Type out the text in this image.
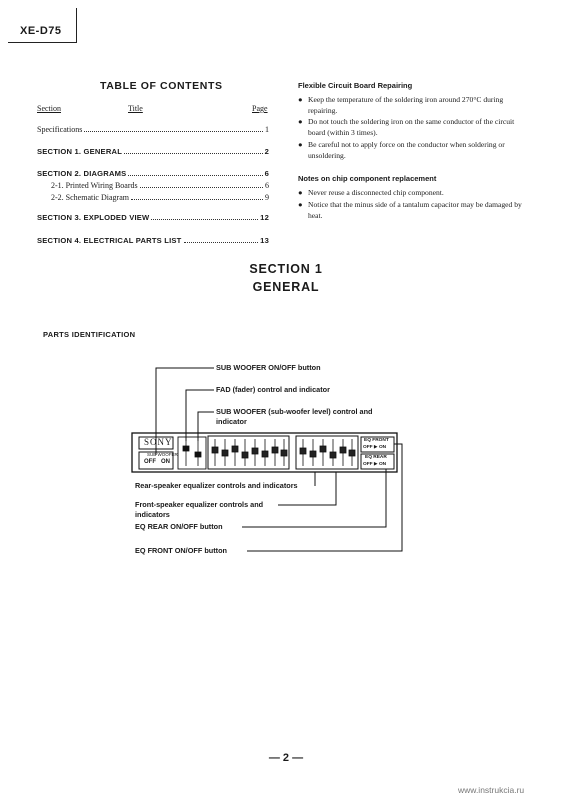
XE-D75
TABLE OF CONTENTS
Section	Title	Page
Specifications	1
SECTION 1. GENERAL	2
SECTION 2. DIAGRAMS	6
2-1. Printed Wiring Boards	6
2-2. Schematic Diagram	9
SECTION 3. EXPLODED VIEW	12
SECTION 4. ELECTRICAL PARTS LIST	13
Flexible Circuit Board Repairing
● Keep the temperature of the soldering iron around 270°C during repairing.
● Do not touch the soldering iron on the same conductor of the circuit board (within 3 times).
● Be careful not to apply force on the conductor when soldering or unsoldering.
Notes on chip component replacement
● Never reuse a disconnected chip component.
● Notice that the minus side of a tantalum capacitor may be damaged by heat.
SECTION 1
GENERAL
PARTS IDENTIFICATION
SONY
SUB WOOFER
OFF ON
EQ FRONT
OFF ▶ ON
EQ REAR
OFF ▶ ON
SUB WOOFER ON/OFF button
FAD (fader) control and indicator
SUB WOOFER (sub-woofer level) control and
indicator
Rear-speaker equalizer controls and indicators
Front-speaker equalizer controls and
indicators
EQ REAR ON/OFF button
EQ FRONT ON/OFF button
— 2 —
www.instrukcia.ru
